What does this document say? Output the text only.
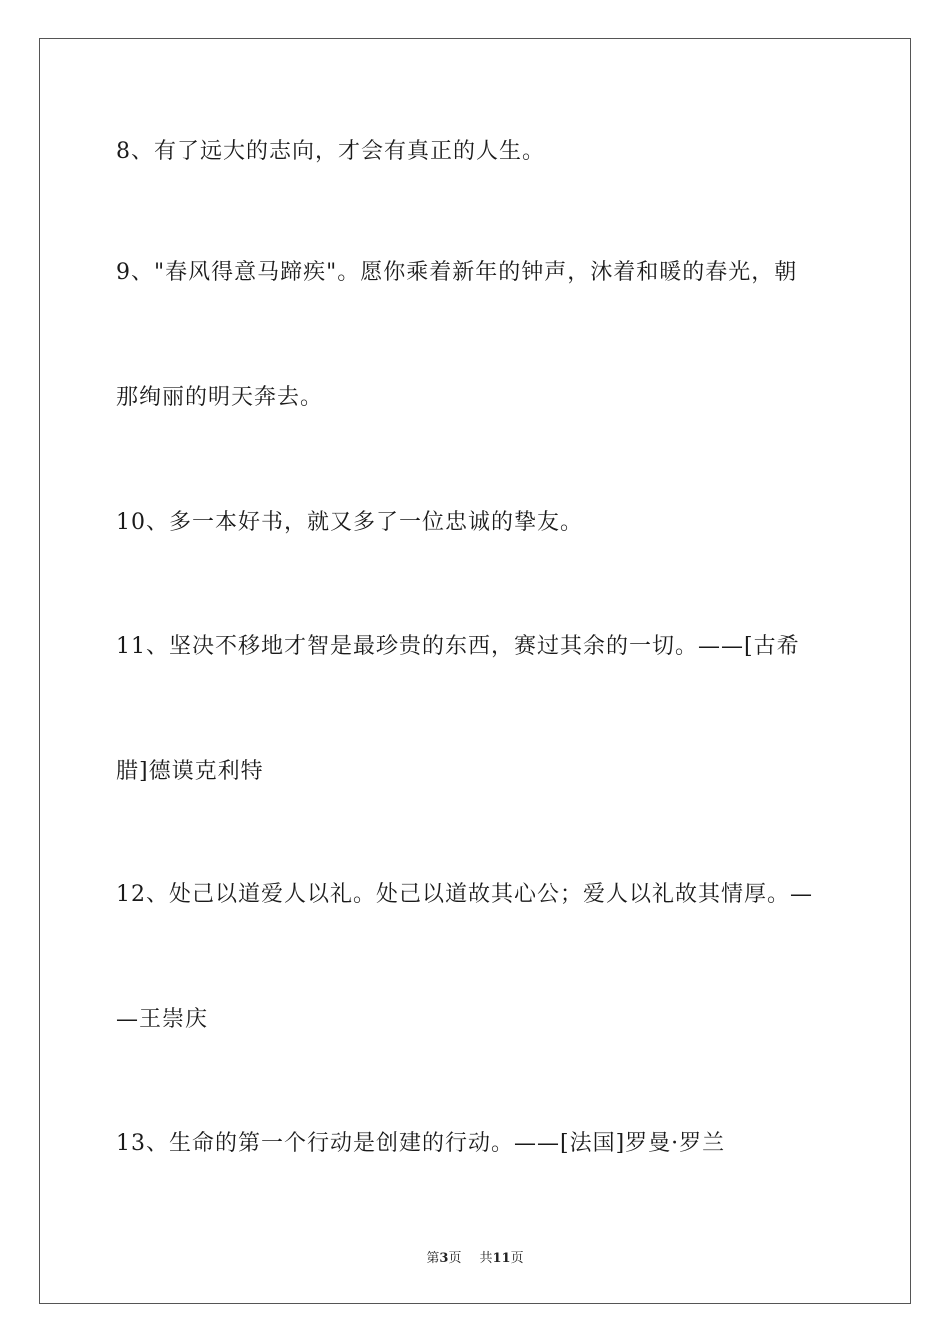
8、有了远大的志向，才会有真正的人生。
9、"春风得意马蹄疾"。愿你乘着新年的钟声，沐着和暖的春光，朝
那绚丽的明天奔去。
10、多一本好书，就又多了一位忠诚的挚友。
11、坚决不移地才智是最珍贵的东西，赛过其余的一切。——[古希
腊]德谟克利特
12、处己以道爱人以礼。处己以道故其心公；爱人以礼故其情厚。—
—王崇庆
13、生命的第一个行动是创建的行动。——[法国]罗曼·罗兰
第3页 共11页
